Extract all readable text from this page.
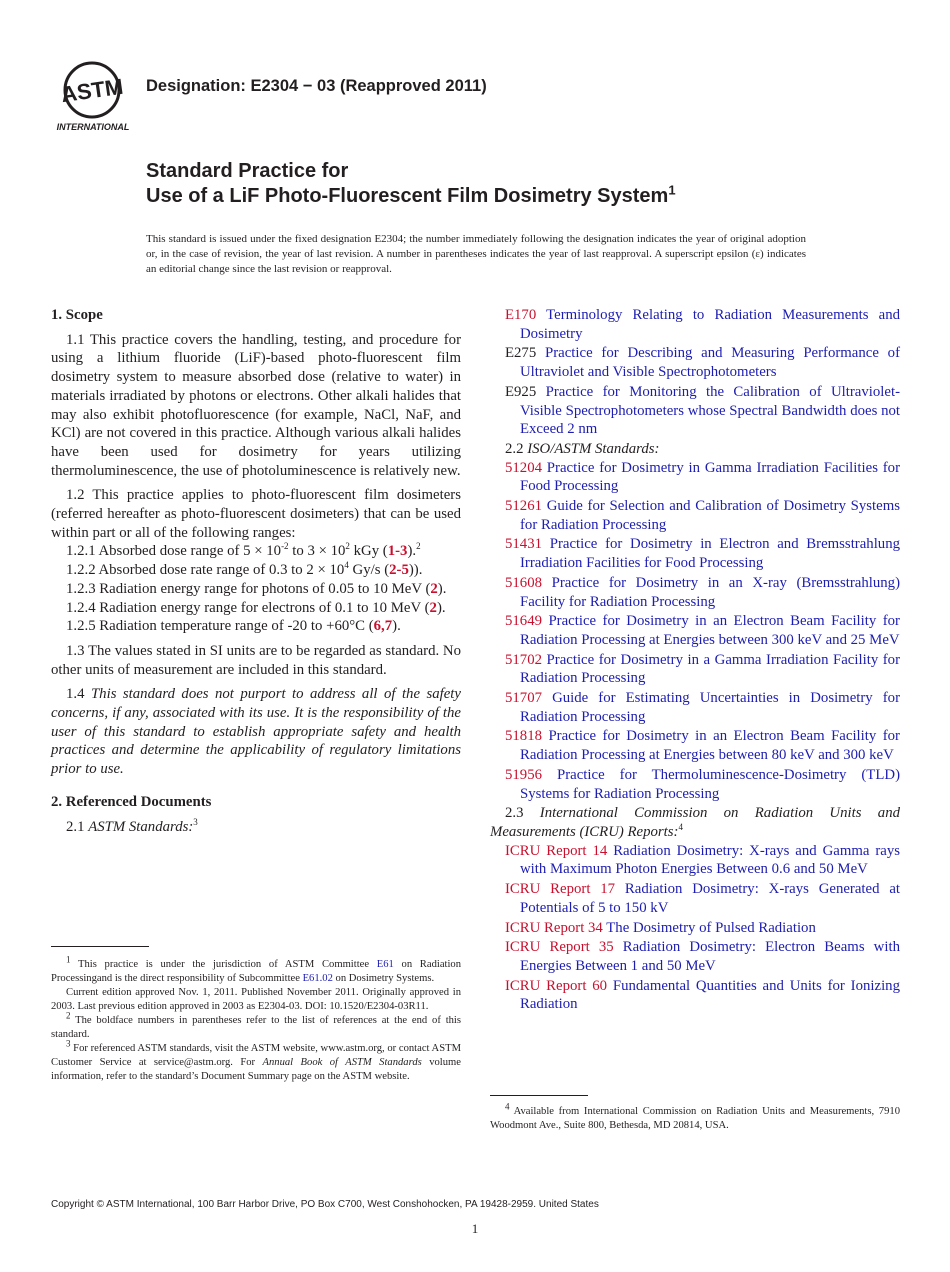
ASTM
INTERNATIONAL
Designation: E2304 − 03 (Reapproved 2011)
Standard Practice for
Use of a LiF Photo-Fluorescent Film Dosimetry System$^1$
This standard is issued under the fixed designation E2304; the number immediately following the designation indicates the year of original adoption or, in the case of revision, the year of last revision. A number in parentheses indicates the year of last reapproval. A superscript epsilon (ε) indicates an editorial change since the last revision or reapproval.

1. Scope

1.1 This practice covers the handling, testing, and procedure for using a lithium fluoride (LiF)-based photo-fluorescent film dosimetry system to measure absorbed dose (relative to water) in materials irradiated by photons or electrons. Other alkali halides that may also exhibit photofluorescence (for example, NaCl, NaF, and KCl) are not covered in this practice. Although various alkali halides have been used for dosimetry for years utilizing thermoluminescence, the use of photoluminescence is relatively new.

1.2 This practice applies to photo-fluorescent film dosimeters (referred hereafter as photo-fluorescent dosimeters) that can be used within part or all of the following ranges:

1.2.1 Absorbed dose range of $5 \times 10^{-2}$ to $3 \times 10^2$ kGy (1-3).$^2$

1.2.2 Absorbed dose rate range of 0.3 to $2 \times 10^4$ Gy/s (2-5)).

1.2.3 Radiation energy range for photons of 0.05 to 10 MeV (2).

1.2.4 Radiation energy range for electrons of 0.1 to 10 MeV (2).

1.2.5 Radiation temperature range of -20 to +60°C (6,7).

1.3 The values stated in SI units are to be regarded as standard. No other units of measurement are included in this standard.

1.4 This standard does not purport to address all of the safety concerns, if any, associated with its use. It is the responsibility of the user of this standard to establish appropriate safety and health practices and determine the applicability of regulatory limitations prior to use.

2. Referenced Documents

2.1 ASTM Standards:$^3$

E170 Terminology Relating to Radiation Measurements and Dosimetry

E275 Practice for Describing and Measuring Performance of Ultraviolet and Visible Spectrophotometers

E925 Practice for Monitoring the Calibration of Ultraviolet-Visible Spectrophotometers whose Spectral Bandwidth does not Exceed 2 nm

2.2 ISO/ASTM Standards:

51204 Practice for Dosimetry in Gamma Irradiation Facilities for Food Processing

51261 Guide for Selection and Calibration of Dosimetry Systems for Radiation Processing

51431 Practice for Dosimetry in Electron and Bremsstrahlung Irradiation Facilities for Food Processing

51608 Practice for Dosimetry in an X-ray (Bremsstrahlung) Facility for Radiation Processing

51649 Practice for Dosimetry in an Electron Beam Facility for Radiation Processing at Energies between 300 keV and 25 MeV

51702 Practice for Dosimetry in a Gamma Irradiation Facility for Radiation Processing

51707 Guide for Estimating Uncertainties in Dosimetry for Radiation Processing

51818 Practice for Dosimetry in an Electron Beam Facility for Radiation Processing at Energies between 80 keV and 300 keV

51956 Practice for Thermoluminescence-Dosimetry (TLD) Systems for Radiation Processing

2.3 International Commission on Radiation Units and Measurements (ICRU) Reports:$^4$

ICRU Report 14 Radiation Dosimetry: X-rays and Gamma rays with Maximum Photon Energies Between 0.6 and 50 MeV

ICRU Report 17 Radiation Dosimetry: X-rays Generated at Potentials of 5 to 150 kV

ICRU Report 34 The Dosimetry of Pulsed Radiation

ICRU Report 35 Radiation Dosimetry: Electron Beams with Energies Between 1 and 50 MeV

ICRU Report 60 Fundamental Quantities and Units for Ionizing Radiation

$^1$ This practice is under the jurisdiction of ASTM Committee E61 on Radiation Processingand is the direct responsibility of Subcommittee E61.02 on Dosimetry Systems.

Current edition approved Nov. 1, 2011. Published November 2011. Originally approved in 2003. Last previous edition approved in 2003 as E2304-03. DOI: 10.1520/E2304-03R11.

$^2$ The boldface numbers in parentheses refer to the list of references at the end of this standard.

$^3$ For referenced ASTM standards, visit the ASTM website, www.astm.org, or contact ASTM Customer Service at service@astm.org. For Annual Book of ASTM Standards volume information, refer to the standard’s Document Summary page on the ASTM website.

$^4$ Available from International Commission on Radiation Units and Measurements, 7910 Woodmont Ave., Suite 800, Bethesda, MD 20814, USA.

Copyright © ASTM International, 100 Barr Harbor Drive, PO Box C700, West Conshohocken, PA 19428-2959. United States
1
